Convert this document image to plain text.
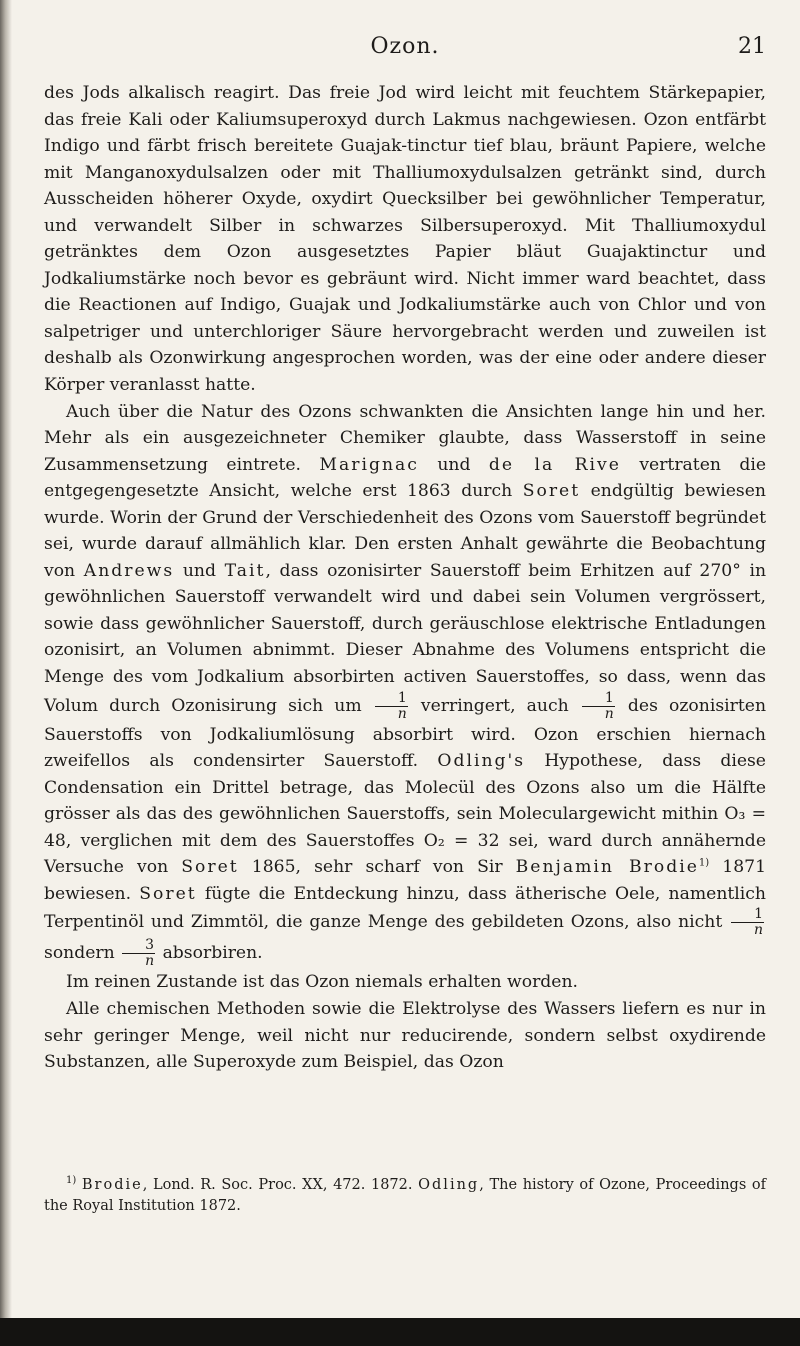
Ozon.	21

des Jods alkalisch reagirt. Das freie Jod wird leicht mit feuchtem Stärkepapier, das freie Kali oder Kaliumsuperoxyd durch Lakmus nachgewiesen. Ozon entfärbt Indigo und färbt frisch bereitete Guajak-tinctur tief blau, bräunt Papiere, welche mit Manganoxydulsalzen oder mit Thalliumoxydulsalzen getränkt sind, durch Ausscheiden höherer Oxyde, oxydirt Quecksilber bei gewöhnlicher Temperatur, und verwandelt Silber in schwarzes Silbersuperoxyd. Mit Thalliumoxydul getränktes dem Ozon ausgesetztes Papier bläut Guajaktinctur und Jodkaliumstärke noch bevor es gebräunt wird. Nicht immer ward beachtet, dass die Reactionen auf Indigo, Guajak und Jodkaliumstärke auch von Chlor und von salpetriger und unterchloriger Säure hervorgebracht werden und zuweilen ist deshalb als Ozonwirkung angesprochen worden, was der eine oder andere dieser Körper veranlasst hatte.

Auch über die Natur des Ozons schwankten die Ansichten lange hin und her. Mehr als ein ausgezeichneter Chemiker glaubte, dass Wasserstoff in seine Zusammensetzung eintrete. Marignac und de la Rive vertraten die entgegengesetzte Ansicht, welche erst 1863 durch Soret endgültig bewiesen wurde. Worin der Grund der Verschiedenheit des Ozons vom Sauerstoff begründet sei, wurde darauf allmählich klar. Den ersten Anhalt gewährte die Beobachtung von Andrews und Tait, dass ozonisirter Sauerstoff beim Erhitzen auf 270° in gewöhnlichen Sauerstoff verwandelt wird und dabei sein Volumen vergrössert, sowie dass gewöhnlicher Sauerstoff, durch geräuschlose elektrische Entladungen ozonisirt, an Volumen abnimmt. Dieser Abnahme des Volumens entspricht die Menge des vom Jodkalium absorbirten activen Sauerstoffes, so dass, wenn das Volum durch Ozonisirung sich um $\frac{1}{n}$ verringert, auch $\frac{1}{n}$ des ozonisirten Sauerstoffs von Jodkaliumlösung absorbirt wird. Ozon erschien hiernach zweifellos als condensirter Sauerstoff. Odling's Hypothese, dass diese Condensation ein Drittel betrage, das Molecül des Ozons also um die Hälfte grösser als das des gewöhnlichen Sauerstoffs, sein Moleculargewicht mithin O₃ = 48, verglichen mit dem des Sauerstoffes O₂ = 32 sei, ward durch annähernde Versuche von Soret 1865, sehr scharf von Sir Benjamin Brodie$^{1)}$ 1871 bewiesen. Soret fügte die Entdeckung hinzu, dass ätherische Oele, namentlich Terpentinöl und Zimmtöl, die ganze Menge des gebildeten Ozons, also nicht $\frac{1}{n}$
sondern $\frac{3}{n}$ absorbiren.

Im reinen Zustande ist das Ozon niemals erhalten worden.

Alle chemischen Methoden sowie die Elektrolyse des Wassers liefern es nur in sehr geringer Menge, weil nicht nur reducirende, sondern selbst oxydirende Substanzen, alle Superoxyde zum Beispiel, das Ozon

$^{1)}$ Brodie, Lond. R. Soc. Proc. XX, 472. 1872. Odling, The history of Ozone, Proceedings of the Royal Institution 1872.
